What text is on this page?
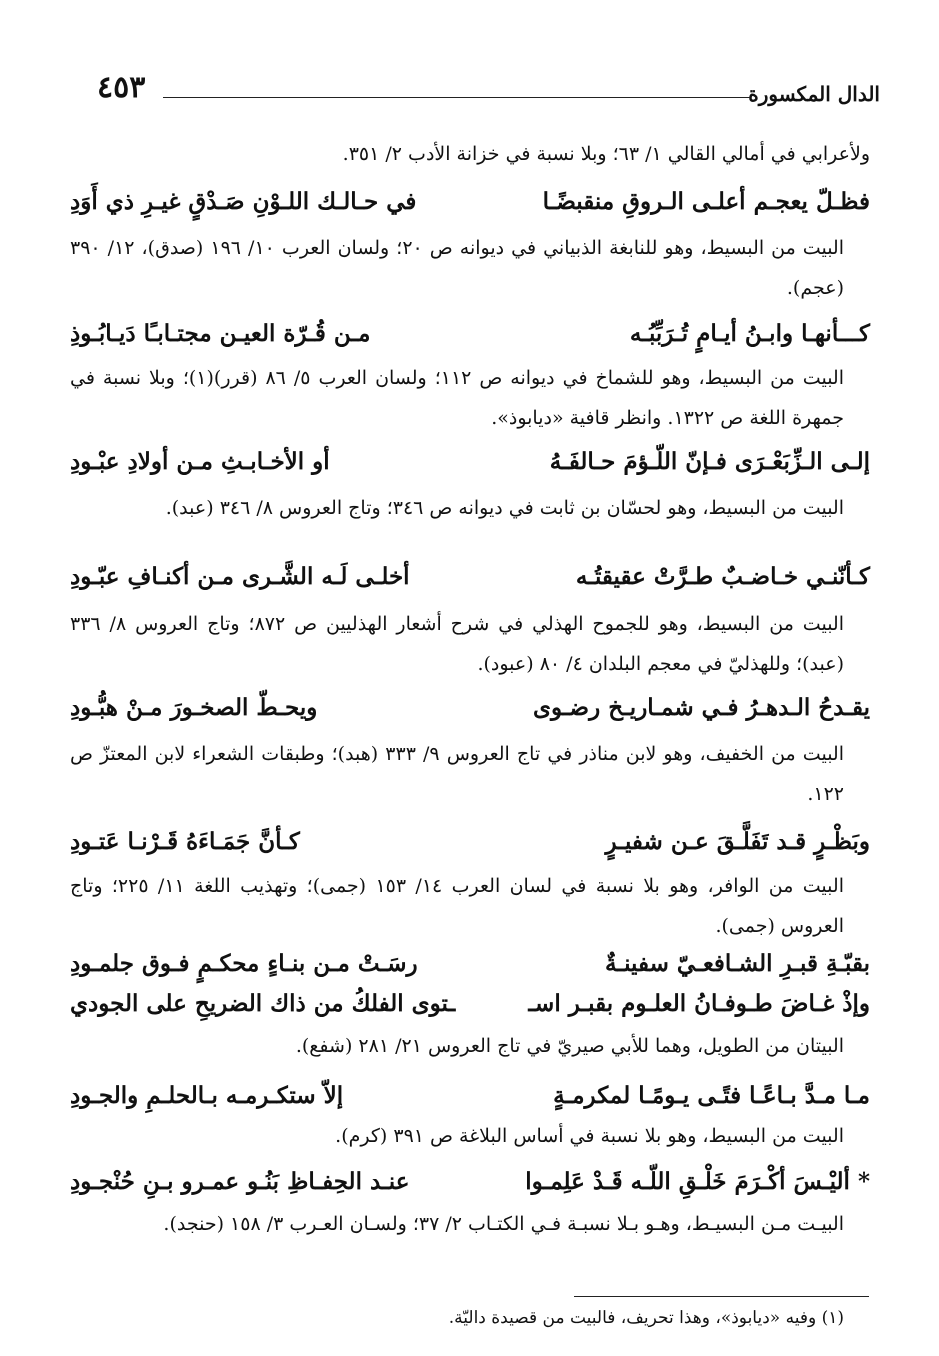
الدال المكسورة
٤٥٣
ولأعرابي في أمالي القالي ١/ ٦٣؛ وبلا نسبة في خزانة الأدب ٢/ ٣٥١.
فظـلّ يعجـم أعلـى الـروقِ منقبضًـا
في حـالـك اللـوْنِ صَـدْقٍ غيـرِ ذي أَوَدِ
البيت من البسيط، وهو للنابغة الذبياني في ديوانه ص ٢٠؛ ولسان العرب ١٠/ ١٩٦ (صدق)، ١٢/ ٣٩٠ (عجم).
كـــأنهـا وابـنُ أيـامٍ تُـرَبِّبُـه
مـن قُـرّة العيـن مجتـابـًا دَيـابُـوذِ
البيت من البسيط، وهو للشماخ في ديوانه ص ١١٢؛ ولسان العرب ٥/ ٨٦ (قرر)(١)؛ وبلا نسبة في جمهرة اللغة ص ١٣٢٢. وانظر قافية «ديابوذ».
إلـى الـزِّبَعْـرَى فـإنّ اللّـؤمَ حـالفَـهُ
أو الأخـابـثِ مـن أولادِ عبْـودِ
البيت من البسيط، وهو لحسّان بن ثابت في ديوانه ص ٣٤٦؛ وتاج العروس ٨/ ٣٤٦ (عبد).
كـأنّنـي خـاضـبٌ طـرَّتْ عقيقتُـه
أخلـى لَـه الشَّـرى مـن أكنـافِ عبّـودِ
البيت من البسيط، وهو للجموح الهذلي في شرح أشعار الهذليين ص ٨٧٢؛ وتاج العروس ٨/ ٣٣٦ (عبد)؛ وللهذليّ في معجم البلدان ٤/ ٨٠ (عبود).
يقـدحُ الـدهـرُ فـي شمـاريـخ رضـوى
ويحـطّ الصخـورَ مـنْ هبُّـودِ
البيت من الخفيف، وهو لابن مناذر في تاج العروس ٩/ ٣٣٣ (هبد)؛ وطبقات الشعراء لابن المعتزّ ص ١٢٢.
وبَظْـرٍ قـد تَفَلَّـقَ عـن شفيـرٍ
كـأنَّ جَمَـاءَهُ قَـرْنـا عَتـودِ
البيت من الوافر، وهو بلا نسبة في لسان العرب ١٤/ ١٥٣ (جمى)؛ وتهذيب اللغة ١١/ ٢٢٥؛ وتاج العروس (جمى).
بقبّـةِ قبـرِ الشـافعـيّ سفينـةٌ
رسَـتْ مـن بنـاءٍ محكـمٍ فـوق جلمـودِ
وإذْ غـاضَ طـوفـانُ العلـوم بقبـر اسـ
ـتوى الفلكُ من ذاك الضريحِ على الجودي
البيتان من الطويل، وهما للأبي صيريّ في تاج العروس ٢١/ ٢٨١ (شفع).
مـا مـدَّ بـاعًـا فتًـى يـومًـا لمكرمـةٍ
إلاّ ستكـرمـه بـالحلـمِ والجـودِ
البيت من البسيط، وهو بلا نسبة في أساس البلاغة ص ٣٩١ (كرم).
* أليْـسَ أكْـرَمَ خَلْـقِ اللّـه قَـدْ عَلِمـوا
عنـد الحِفـاظِ بَنُـو عمـرو بـنِ حُنْجـودِ
البيـت مـن البسيـط، وهـو بـلا نسبـة فـي الكتـاب ٢/ ٣٧؛ ولسـان العـرب ٣/ ١٥٨ (حنجد).
(١) وفيه «ديابوذ»، وهذا تحريف، فالبيت من قصيدة داليّة.
